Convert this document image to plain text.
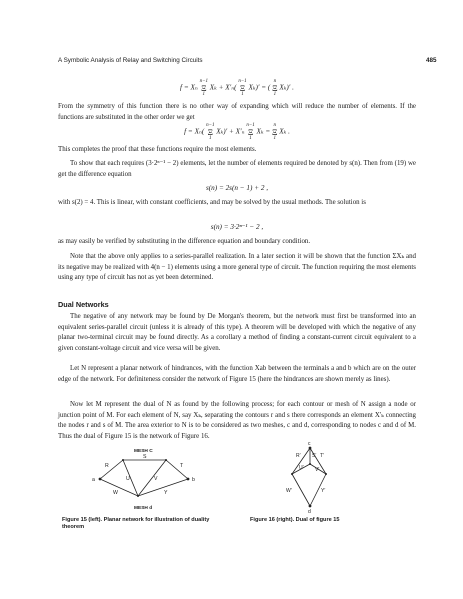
A Symbolic Analysis of Relay and Switching Circuits	485
f = Xₙ n−1
Ξ
1 Xₖ + X′ₙ( n−1
Ξ
1 Xₖ)′ = ( n
Ξ
1 Xₖ)′ .

From the symmetry of this function there is no other way of expanding which will reduce the number of elements. If the functions are substituted in the other order we get

f = Xₙ( n−1
Ξ
1 Xₖ)′ + X′ₙ n−1
Ξ
1 Xₖ = n
Ξ
1 Xₖ .

This completes the proof that these functions require the most elements.

To show that each requires (3·2ⁿ⁻¹ − 2) elements, let the number of elements required be denoted by s(n). Then from (19) we get the difference equation

s(n) = 2s(n − 1) + 2 ,

with s(2) = 4. This is linear, with constant coefficients, and may be solved by the usual methods. The solution is

s(n) = 3·2ⁿ⁻¹ − 2 ,

as may easily be verified by substituting in the difference equation and boundary condition.

Note that the above only applies to a series-parallel realization. In a later section it will be shown that the function ΣXₖ and its negative may be realized with 4(n − 1) elements using a more general type of circuit. The function requiring the most elements using any type of circuit has not as yet been determined.

Dual Networks

The negative of any network may be found by De Morgan's theorem, but the network must first be transformed into an equivalent series-parallel circuit (unless it is already of this type). A theorem will be developed with which the negative of any planar two-terminal circuit may be found directly. As a corollary a method of finding a constant-current circuit equivalent to a given constant-voltage circuit and vice versa will be given.

Let N represent a planar network of hindrances, with the function Xab between the terminals a and b which are on the outer edge of the network. For definiteness consider the network of Figure 15 (here the hindrances are shown merely as lines).

Now let M represent the dual of N as found by the following process; for each contour or mesh of N assign a node or junction point of M. For each element of N, say Xₖ, separating the contours r and s there corresponds an element X′ₖ connecting the nodes r and s of M. The area exterior to N is to be considered as two meshes, c and d, corresponding to nodes c and d of M. Thus the dual of Figure 15 is the network of Figure 16.

MESH C
MESH d
a	b
R
S
T
U	V
W	Y
Figure 15 (left). Planar network for illustration of duality theorem
c
d
R′ S′ T′
U′ V′
W′	Y′
Figure 16 (right). Dual of figure 15
